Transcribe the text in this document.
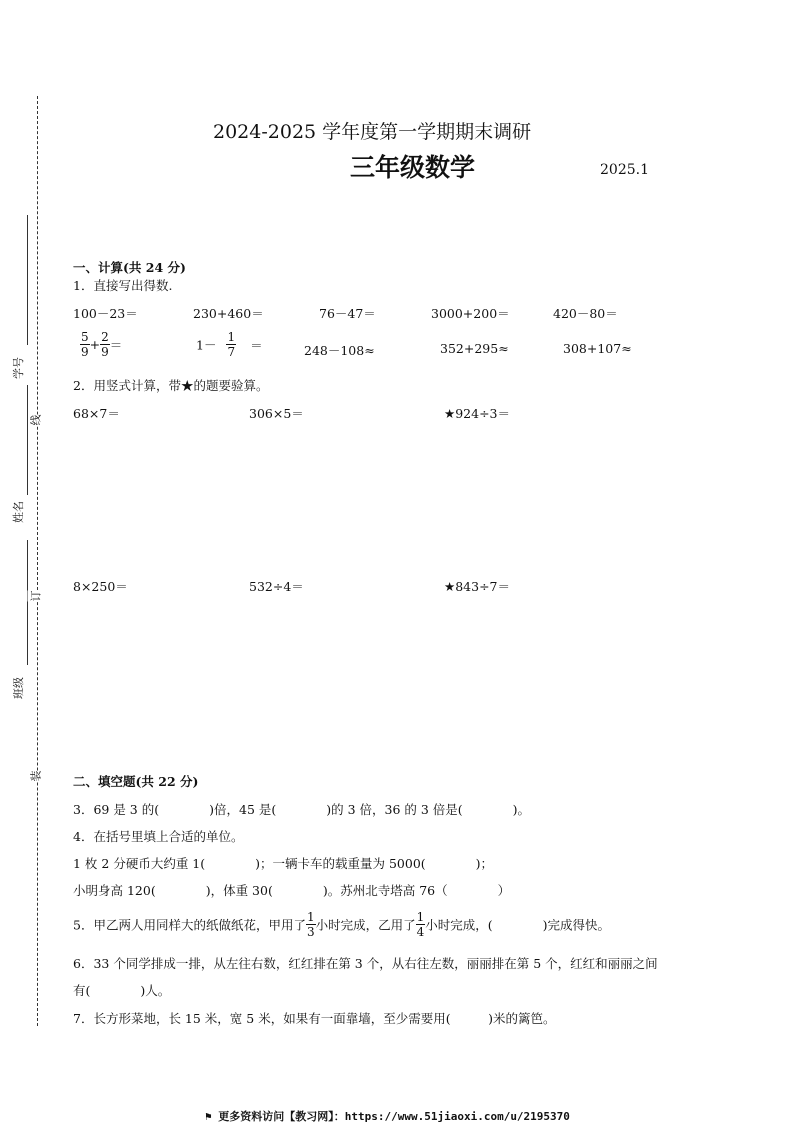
学号
线
姓名
订
班级
装
2024-2025 学年度第一学期期末调研
三年级数学	2025.1
一、计算(共 24 分)
1．直接写出得数.
100－23＝	230+460＝	76－47＝	3000+200＝	420－80＝
$\frac{5}{9} + \frac{2}{9}$ ＝	$1- \frac{1}{7}$ ＝	248－108≈	352+295≈	308+107≈
2．用竖式计算，带★的题要验算。
68×7＝	306×5＝	★924÷3＝
8×250＝	532÷4＝	★843÷7＝
二、填空题(共 22 分)
3．69 是 3 的(　　　　)倍，45 是(　　　　)的 3 倍，36 的 3 倍是(　　　　)。
4．在括号里填上合适的单位。
1 枚 2 分硬币大约重 1(　　　　)；一辆卡车的载重量为 5000(　　　　)；
小明身高 120(　　　　)，体重 30(　　　　)。苏州北寺塔高 76（　　　　）
5．甲乙两人用同样大的纸做纸花，甲用了 $\frac{1}{3}$ 小时完成，乙用了 $\frac{1}{4}$ 小时完成，(　　　　)完成得快。
6．33 个同学排成一排，从左往右数，红红排在第 3 个，从右往左数，丽丽排在第 5 个，红红和丽丽之间
有(　　　　)人。
7．长方形菜地，长 15 米，宽 5 米，如果有一面靠墙，至少需要用(　　　)米的篱笆。
⚑ 更多资料访问【教习网】：https://www.51jiaoxi.com/u/2195370
